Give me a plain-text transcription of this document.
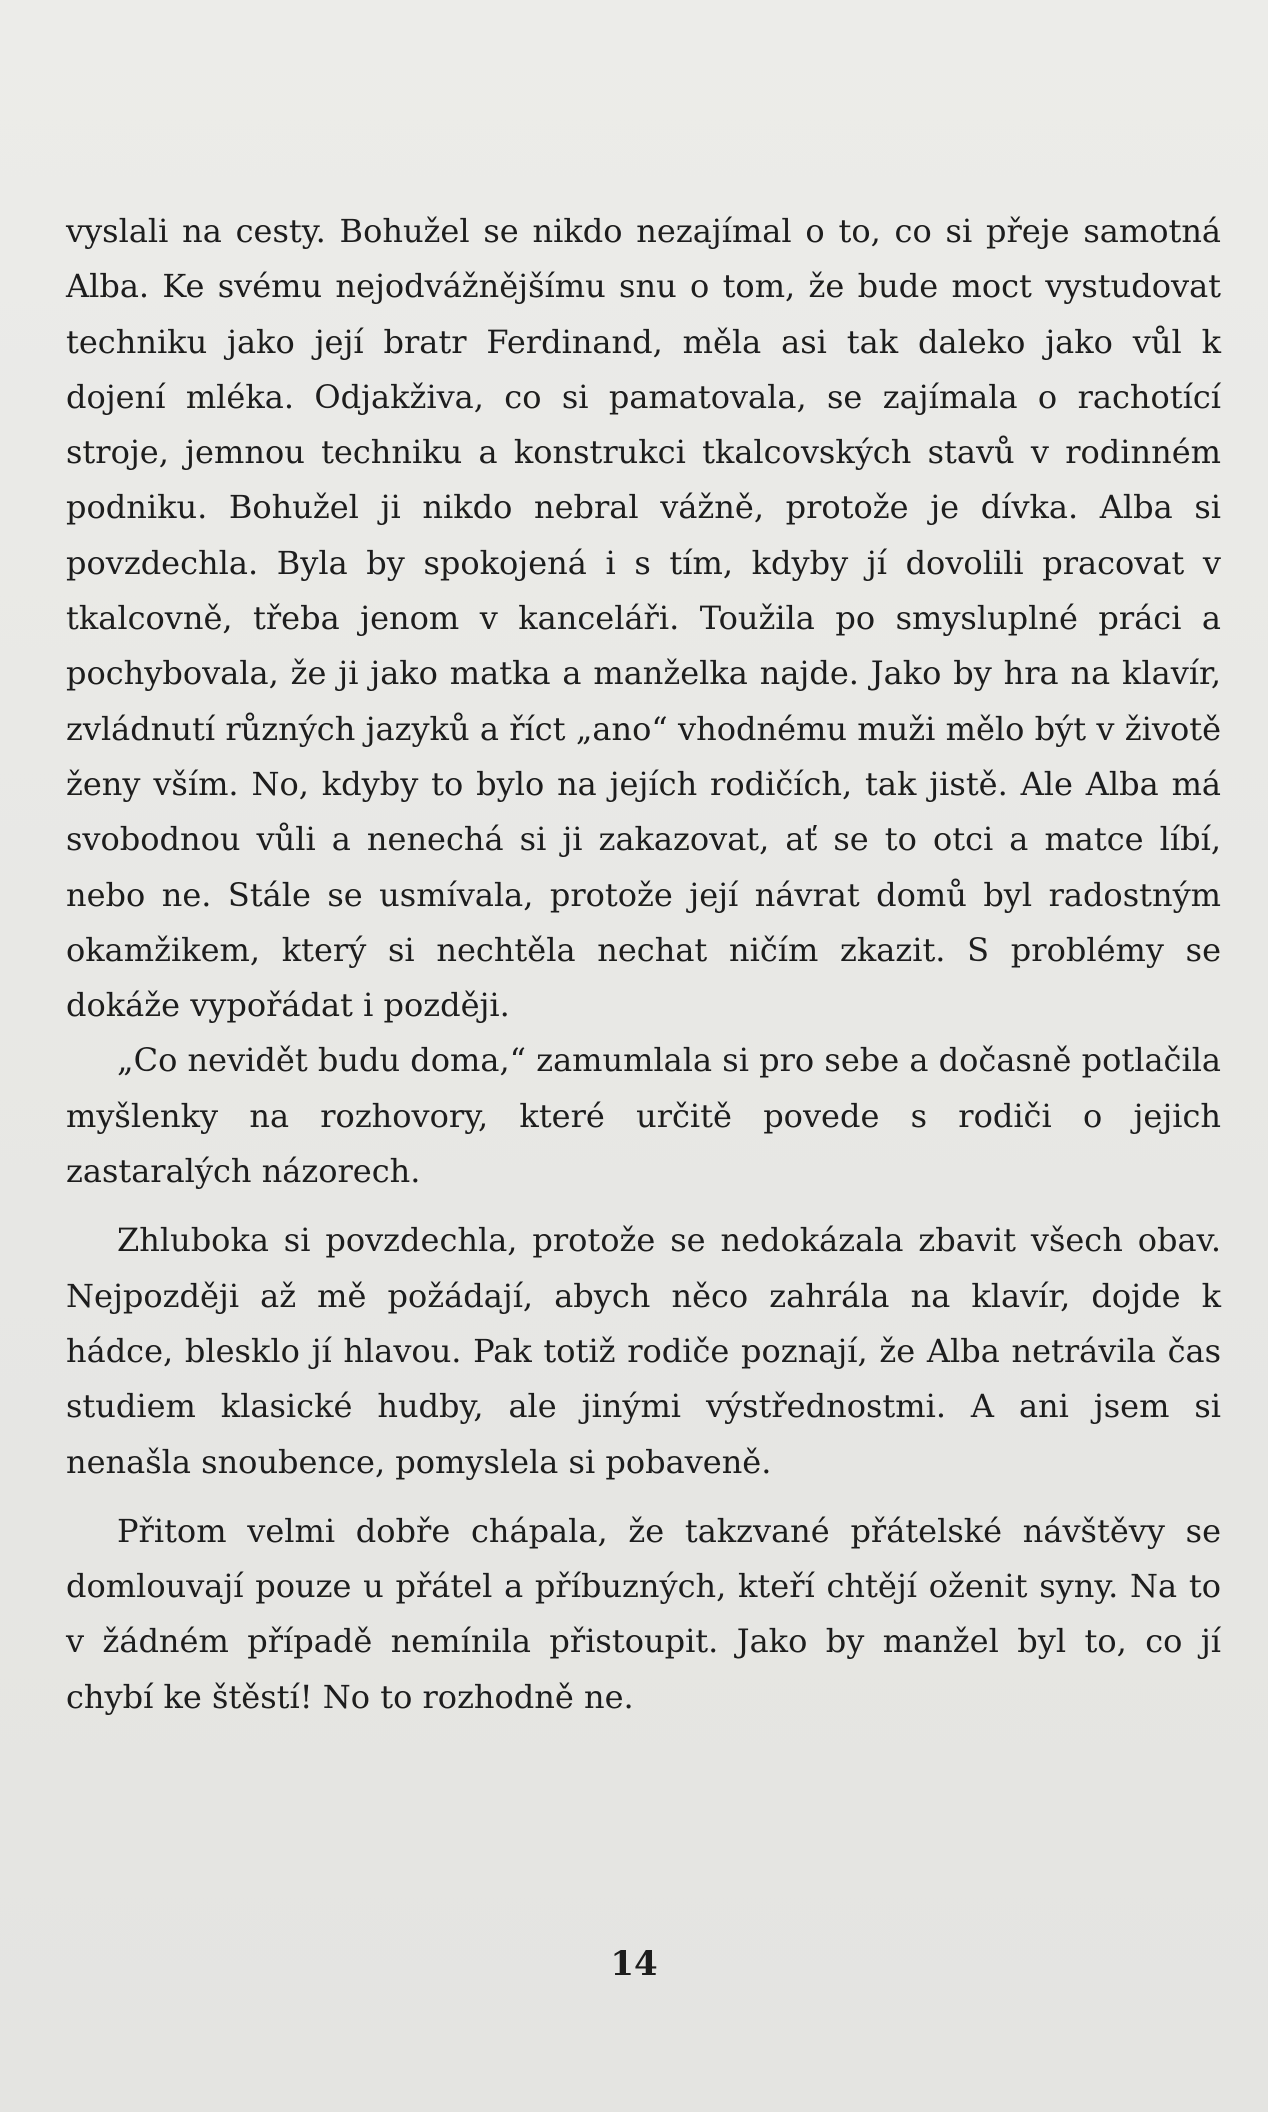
vyslali na cesty. Bohužel se nikdo nezajímal o to, co si přeje samotná Alba. Ke svému nejodvážnějšímu snu o tom, že bude moct vystudovat techniku jako její bratr Ferdinand, měla asi tak daleko jako vůl k dojení mléka. Odjakživa, co si pamatovala, se zajímala o rachotící stroje, jemnou techniku a konstrukci tkalcovských stavů v rodinném podniku. Bohužel ji nikdo nebral vážně, protože je dívka. Alba si povzdechla. Byla by spokojená i s tím, kdyby jí dovolili pracovat v tkalcovně, třeba jenom v kanceláři. Toužila po smysluplné práci a pochybovala, že ji jako matka a manželka najde. Jako by hra na klavír, zvládnutí různých jazyků a říct „ano“ vhodnému muži mělo být v životě ženy vším. No, kdyby to bylo na jejích rodičích, tak jistě. Ale Alba má svobodnou vůli a nenechá si ji zakazovat, ať se to otci a matce líbí, nebo ne. Stále se usmívala, protože její návrat domů byl radostným okamžikem, který si nechtěla nechat ničím zkazit. S problémy se dokáže vypořádat i později.

„Co nevidět budu doma,“ zamumlala si pro sebe a dočasně potlačila myšlenky na rozhovory, které určitě povede s rodiči o jejich zastaralých názorech.

Zhluboka si povzdechla, protože se nedokázala zbavit všech obav. Nejpozději až mě požádají, abych něco zahrála na klavír, dojde k hádce, blesklo jí hlavou. Pak totiž rodiče poznají, že Alba netrávila čas studiem klasické hudby, ale jinými výstřednostmi. A ani jsem si nenašla snoubence, pomyslela si pobaveně.

Přitom velmi dobře chápala, že takzvané přátelské návštěvy se domlouvají pouze u přátel a příbuzných, kteří chtějí oženit syny. Na to v žádném případě nemínila přistoupit. Jako by manžel byl to, co jí chybí ke štěstí! No to rozhodně ne.

14
